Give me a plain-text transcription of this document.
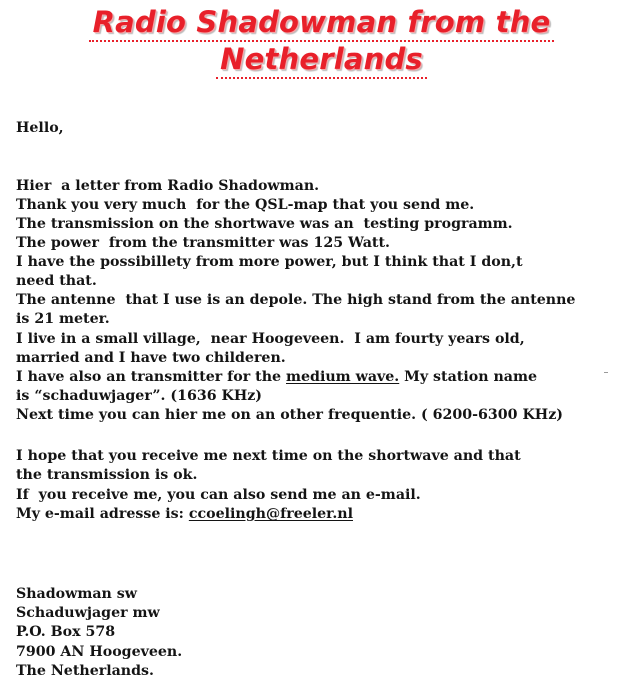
Radio Shadowman from the
Netherlands
Hello,
Hier  a letter from Radio Shadowman.
Thank you very much  for the QSL-map that you send me.
The transmission on the shortwave was an  testing programm.
The power  from the transmitter was 125 Watt.
I have the possibillety from more power, but I think that I don,t
need that.
The antenne  that I use is an depole. The high stand from the antenne
is 21 meter.
I live in a small village,  near Hoogeveen.  I am fourty years old,
married and I have two childeren.
I have also an transmitter for the medium wave. My station name
is “schaduwjager”. (1636 KHz)
Next time you can hier me on an other frequentie. ( 6200-6300 KHz)
I hope that you receive me next time on the shortwave and that
the transmission is ok.
If  you receive me, you can also send me an e-mail.
My e-mail adresse is: ccoelingh@freeler.nl
Shadowman sw
Schaduwjager mw
P.O. Box 578
7900 AN Hoogeveen.
The Netherlands.
